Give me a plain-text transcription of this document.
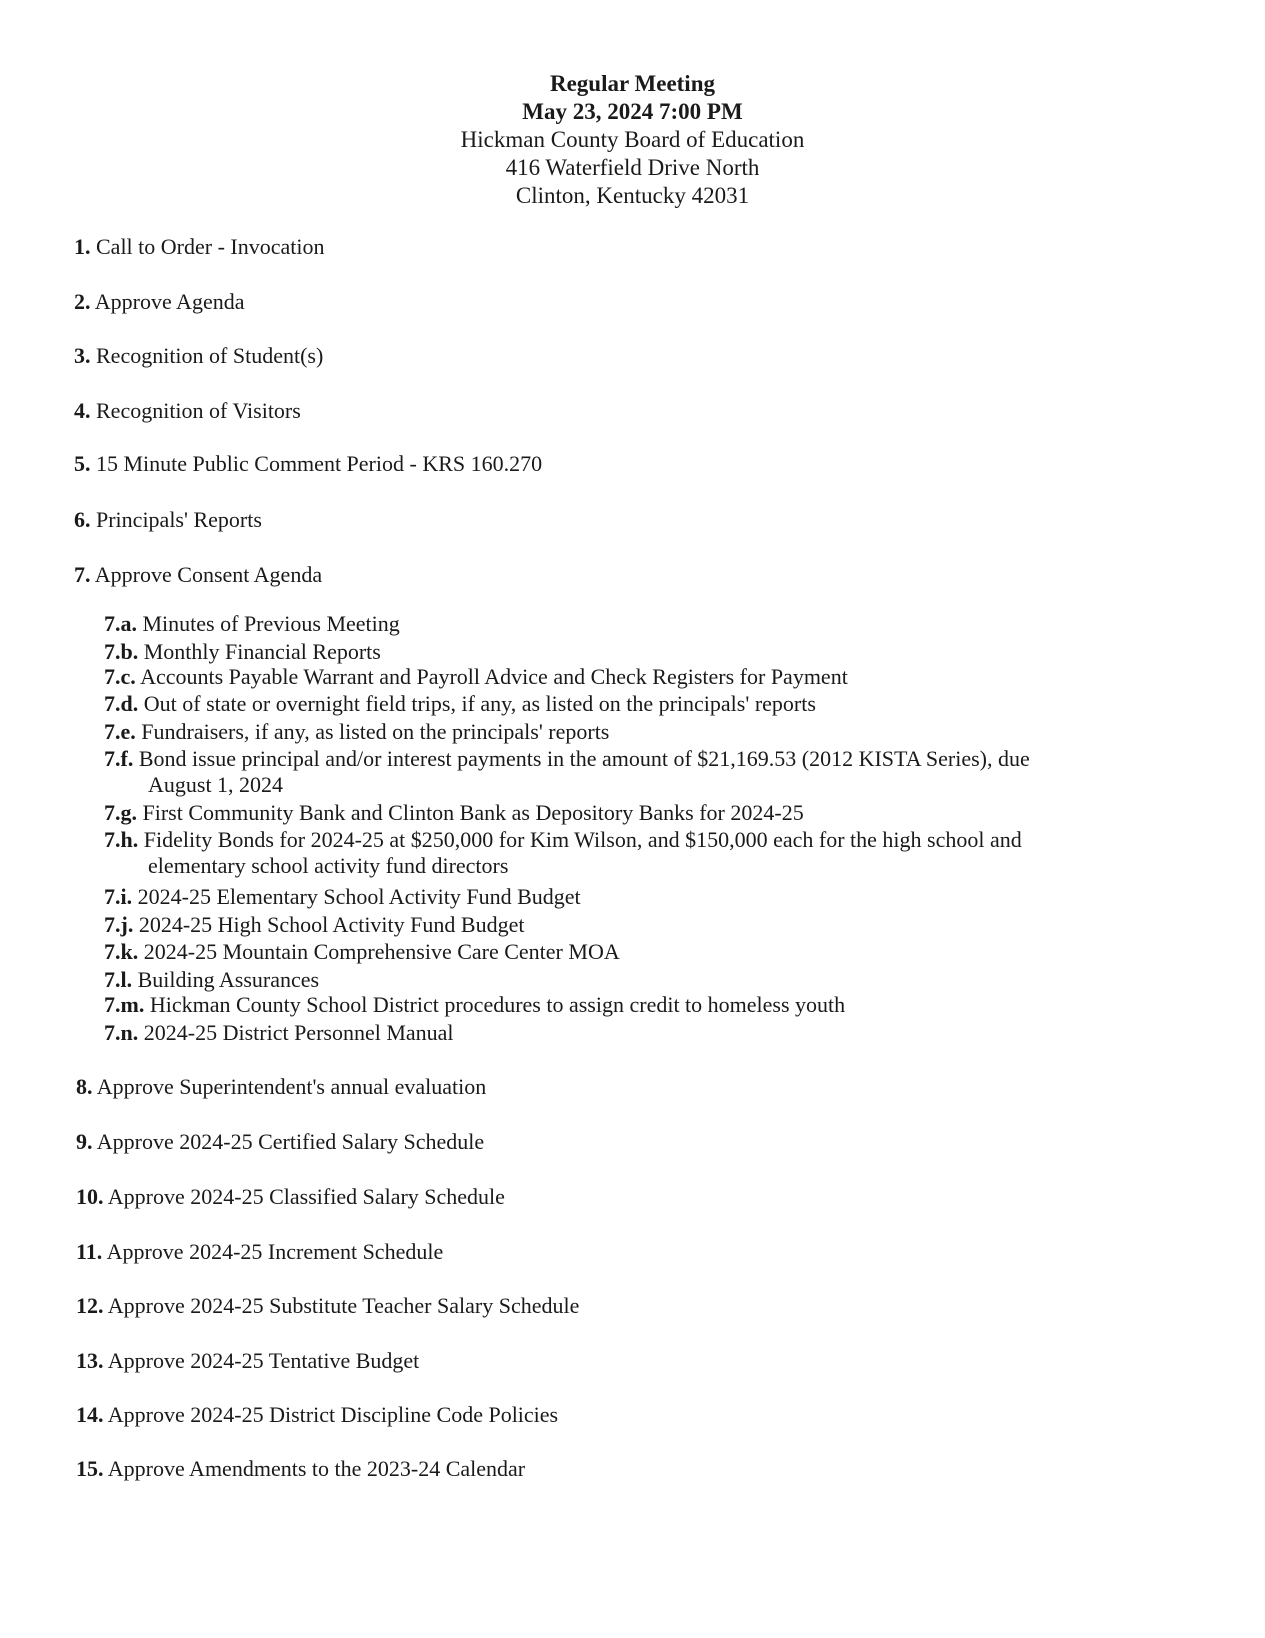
Regular Meeting
May 23, 2024 7:00 PM
Hickman County Board of Education
416 Waterfield Drive North
Clinton, Kentucky 42031
1. Call to Order - Invocation
2. Approve Agenda
3. Recognition of Student(s)
4. Recognition of Visitors
5. 15 Minute Public Comment Period - KRS 160.270
6. Principals' Reports
7. Approve Consent Agenda
7.a. Minutes of Previous Meeting
7.b. Monthly Financial Reports
7.c. Accounts Payable Warrant and Payroll Advice and Check Registers for Payment
7.d. Out of state or overnight field trips, if any, as listed on the principals' reports
7.e. Fundraisers, if any, as listed on the principals' reports
7.f. Bond issue principal and/or interest payments in the amount of $21,169.53 (2012 KISTA Series), due
August 1, 2024
7.g. First Community Bank and Clinton Bank as Depository Banks for 2024-25
7.h. Fidelity Bonds for 2024-25 at $250,000 for Kim Wilson, and $150,000 each for the high school and
elementary school activity fund directors
7.i. 2024-25 Elementary School Activity Fund Budget
7.j. 2024-25 High School Activity Fund Budget
7.k. 2024-25 Mountain Comprehensive Care Center MOA
7.l. Building Assurances
7.m. Hickman County School District procedures to assign credit to homeless youth
7.n. 2024-25 District Personnel Manual
8. Approve Superintendent's annual evaluation
9. Approve 2024-25 Certified Salary Schedule
10. Approve 2024-25 Classified Salary Schedule
11. Approve 2024-25 Increment Schedule
12. Approve 2024-25 Substitute Teacher Salary Schedule
13. Approve 2024-25 Tentative Budget
14. Approve 2024-25 District Discipline Code Policies
15. Approve Amendments to the 2023-24 Calendar
